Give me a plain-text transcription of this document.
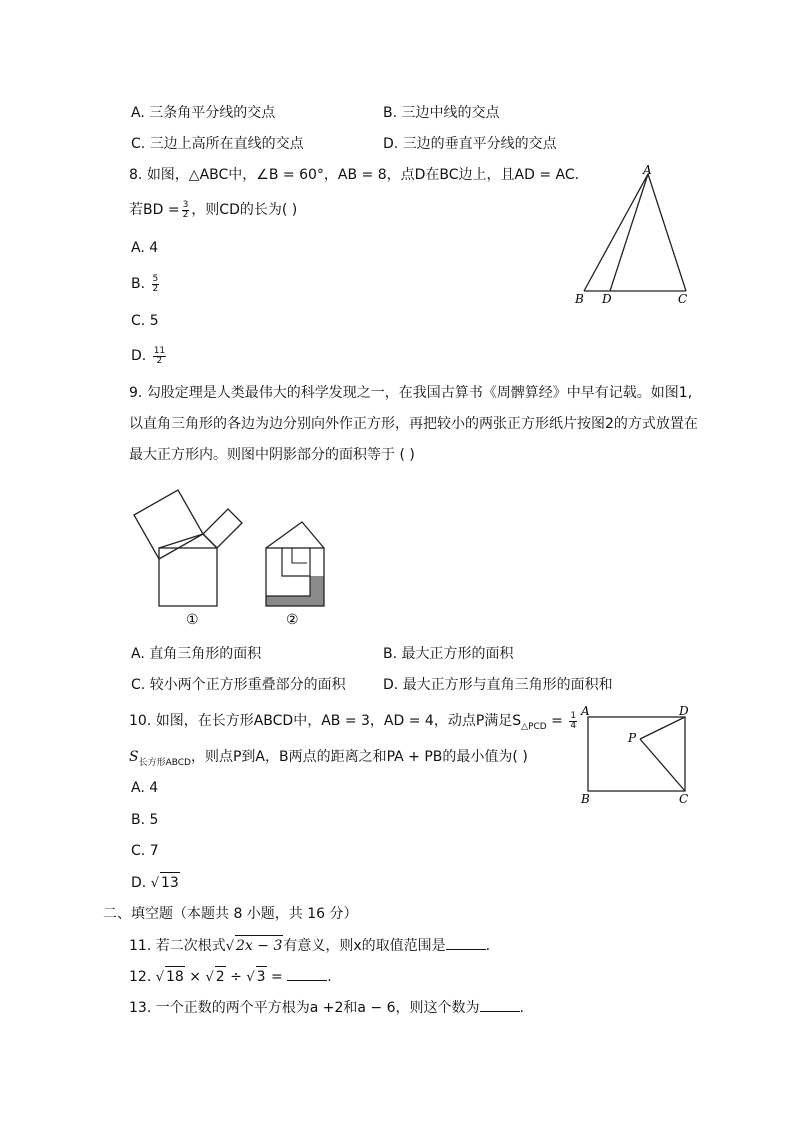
A. 三条角平分线的交点	B. 三边中线的交点
C. 三边上高所在直线的交点	D. 三边的垂直平分线的交点
8. 如图，△ABC中，∠B = 60°，AB = 8，点D在BC边上，且AD = AC.
若BD = $\frac{3}{2}$ ，则CD的长为( )
A. 4
B. $\frac{5}{2}$
C. 5
D. $\frac{11}{2}$
A
B D	C
9. 勾股定理是人类最伟大的科学发现之一，在我国古算书《周髀算经》中早有记载。如图1,
以直角三角形的各边为边分别向外作正方形，再把较小的两张正方形纸片按图2的方式放置在
最大正方形内。则图中阴影部分的面积等于 ( )
①	②
A. 直角三角形的面积	B. 最大正方形的面积
C. 较小两个正方形重叠部分的面积	D. 最大正方形与直角三角形的面积和
10. 如图，在长方形ABCD中，AB = 3，AD = 4，动点P满足$S_{\triangle PCD} = \frac{1}{4}$
$S_{长方形ABCD}$，则点P到A，B两点的距离之和PA + PB的最小值为( )
A. 4
B. 5
C. 7
D. √ 13
A	D
P
B	C
二、填空题（本题共 8 小题，共 16 分）
11. 若二次根式√ 2x − 3有意义，则x的取值范围是	.
12. √ 18 × √ 2 ÷ √ 3 =	.
13. 一个正数的两个平方根为a +2和a − 6，则这个数为	.
